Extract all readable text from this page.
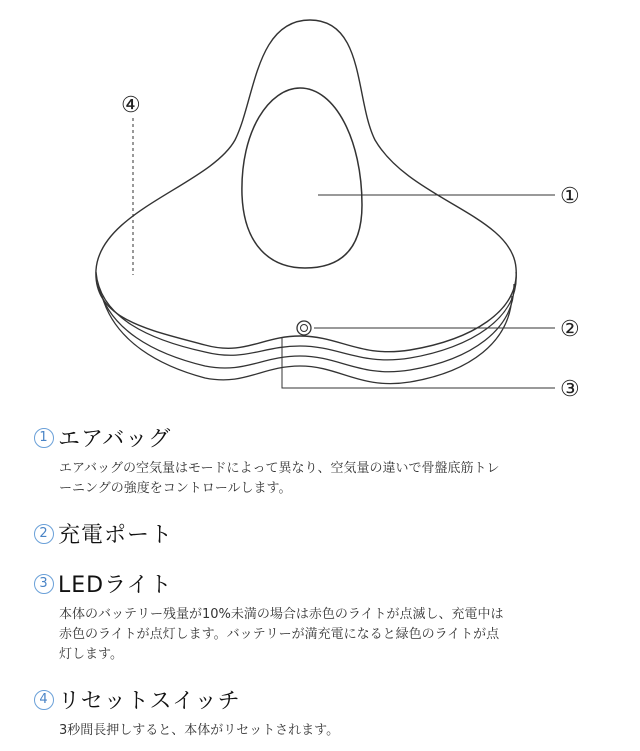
④
①
②
③
1 エアバッグ
エアバッグの空気量はモードによって異なり、空気量の違いで骨盤底筋トレ
ーニングの強度をコントロールします。
2 充電ポート
3 LEDライト
本体のバッテリー残量が10%未満の場合は赤色のライトが点滅し、充電中は
赤色のライトが点灯します。バッテリーが満充電になると緑色のライトが点
灯します。
4 リセットスイッチ
3秒間長押しすると、本体がリセットされます。
